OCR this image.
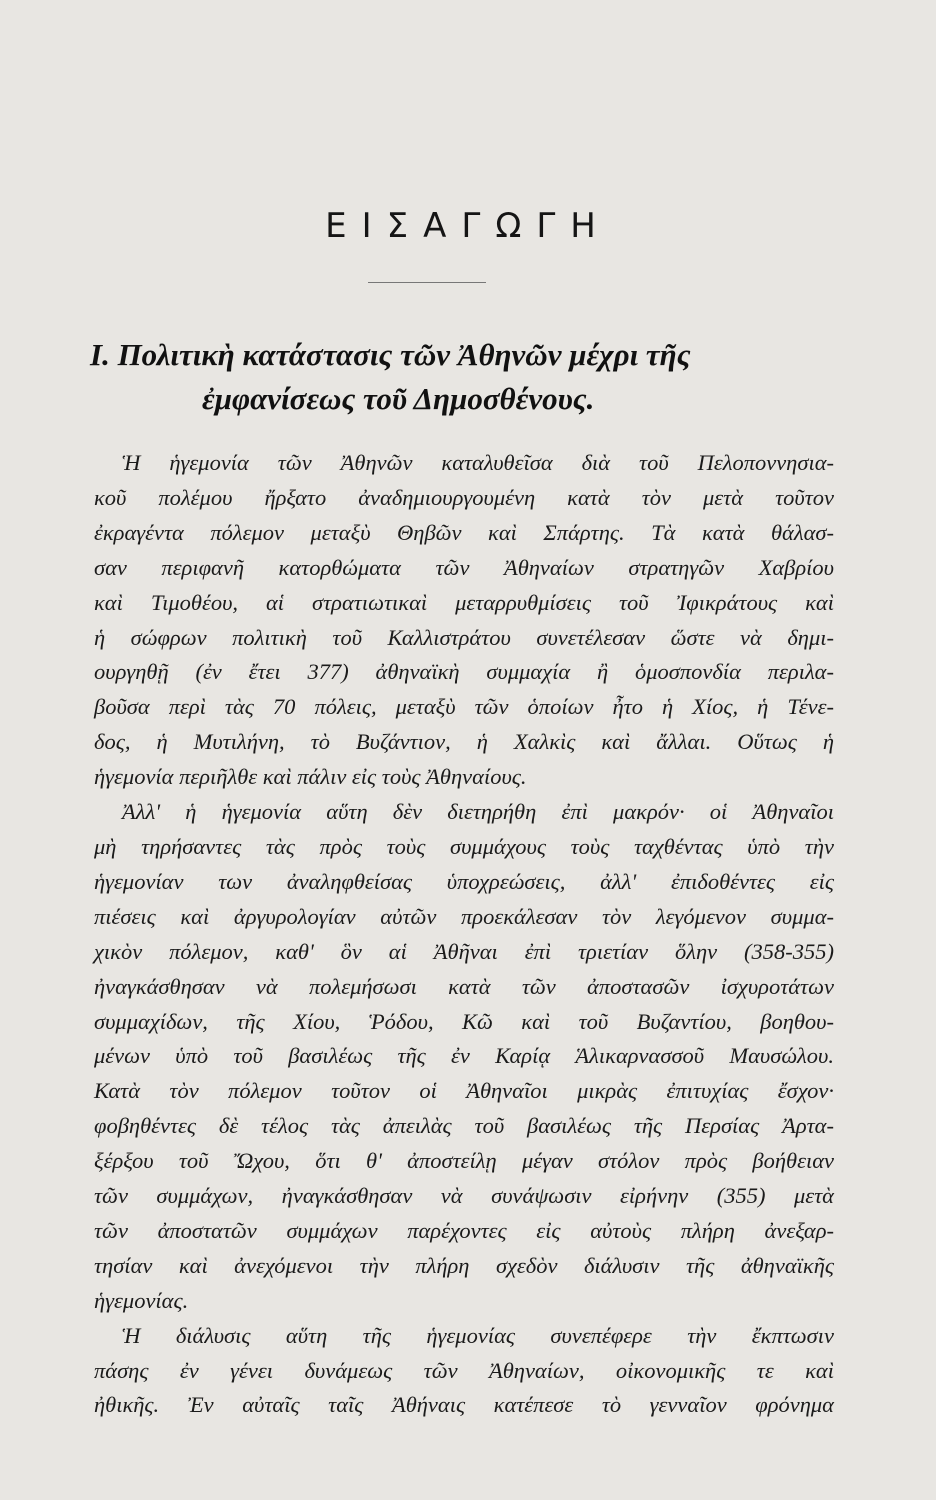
ΕΙΣΑΓΩΓΗ
Ι. Πολιτικὴ κατάστασις τῶν Ἀθηνῶν μέχρι τῆς
ἐμφανίσεως τοῦ Δημοσθένους.
Ἡ ἡγεμονία τῶν Ἀθηνῶν καταλυθεῖσα διὰ τοῦ Πελοποννησια-
κοῦ πολέμου ἤρξατο ἀναδημιουργουμένη κατὰ τὸν μετὰ τοῦτον
ἐκραγέντα πόλεμον μεταξὺ Θηβῶν καὶ Σπάρτης. Τὰ κατὰ θάλασ-
σαν περιφανῆ κατορθώματα τῶν Ἀθηναίων στρατηγῶν Χαβρίου
καὶ Τιμοθέου, αἱ στρατιωτικαὶ μεταρρυθμίσεις τοῦ Ἰφικράτους καὶ
ἡ σώφρων πολιτικὴ τοῦ Καλλιστράτου συνετέλεσαν ὥστε νὰ δημι-
ουργηθῇ (ἐν ἔτει 377) ἀθηναϊκὴ συμμαχία ἢ ὁμοσπονδία περιλα-
βοῦσα περὶ τὰς 70 πόλεις, μεταξὺ τῶν ὁποίων ἦτο ἡ Χίος, ἡ Τένε-
δος, ἡ Μυτιλήνη, τὸ Βυζάντιον, ἡ Χαλκὶς καὶ ἄλλαι. Οὕτως ἡ
ἡγεμονία περιῆλθε καὶ πάλιν εἰς τοὺς Ἀθηναίους.
Ἀλλ' ἡ ἡγεμονία αὕτη δὲν διετηρήθη ἐπὶ μακρόν· οἱ Ἀθηναῖοι
μὴ τηρήσαντες τὰς πρὸς τοὺς συμμάχους τοὺς ταχθέντας ὑπὸ τὴν
ἡγεμονίαν των ἀναληφθείσας ὑποχρεώσεις, ἀλλ' ἐπιδοθέντες εἰς
πιέσεις καὶ ἀργυρολογίαν αὐτῶν προεκάλεσαν τὸν λεγόμενον συμμα-
χικὸν πόλεμον, καθ' ὃν αἱ Ἀθῆναι ἐπὶ τριετίαν ὅλην (358-355)
ἠναγκάσθησαν νὰ πολεμήσωσι κατὰ τῶν ἀποστασῶν ἰσχυροτάτων
συμμαχίδων, τῆς Χίου, Ῥόδου, Κῶ καὶ τοῦ Βυζαντίου, βοηθου-
μένων ὑπὸ τοῦ βασιλέως τῆς ἐν Καρίᾳ Ἁλικαρνασσοῦ Μαυσώλου.
Κατὰ τὸν πόλεμον τοῦτον οἱ Ἀθηναῖοι μικρὰς ἐπιτυχίας ἔσχον·
φοβηθέντες δὲ τέλος τὰς ἀπειλὰς τοῦ βασιλέως τῆς Περσίας Ἀρτα-
ξέρξου τοῦ Ὤχου, ὅτι θ' ἀποστείλῃ μέγαν στόλον πρὸς βοήθειαν
τῶν συμμάχων, ἠναγκάσθησαν νὰ συνάψωσιν εἰρήνην (355) μετὰ
τῶν ἀποστατῶν συμμάχων παρέχοντες εἰς αὐτοὺς πλήρη ἀνεξαρ-
τησίαν καὶ ἀνεχόμενοι τὴν πλήρη σχεδὸν διάλυσιν τῆς ἀθηναϊκῆς
ἡγεμονίας.
Ἡ διάλυσις αὕτη τῆς ἡγεμονίας συνεπέφερε τὴν ἔκπτωσιν
πάσης ἐν γένει δυνάμεως τῶν Ἀθηναίων, οἰκονομικῆς τε καὶ
ἠθικῆς. Ἐν αὐταῖς ταῖς Ἀθήναις κατέπεσε τὸ γενναῖον φρόνημα
